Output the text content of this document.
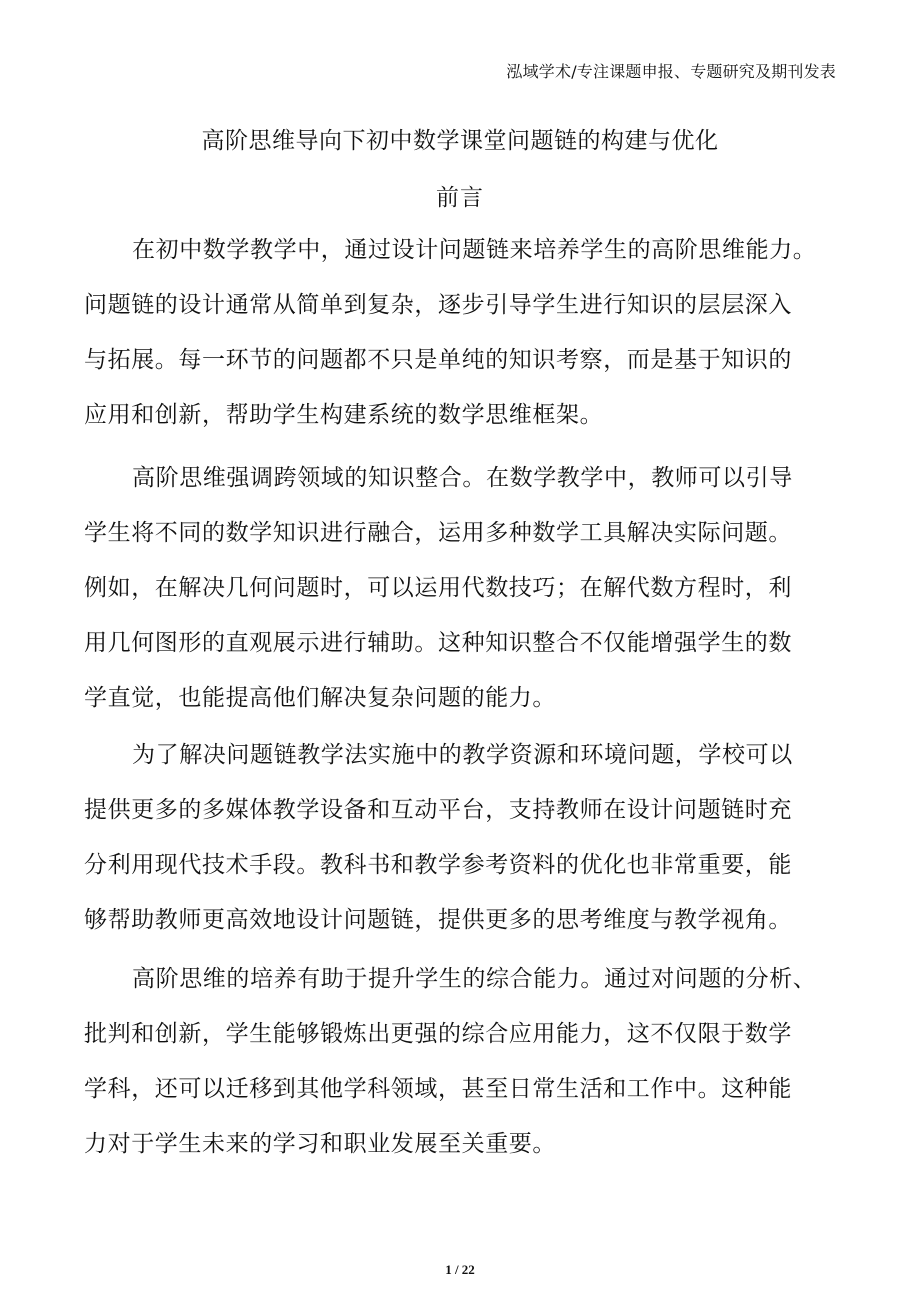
泓域学术/专注课题申报、专题研究及期刊发表
高阶思维导向下初中数学课堂问题链的构建与优化
前言
在初中数学教学中，通过设计问题链来培养学生的高阶思维能力。
问题链的设计通常从简单到复杂，逐步引导学生进行知识的层层深入
与拓展。每一环节的问题都不只是单纯的知识考察，而是基于知识的
应用和创新，帮助学生构建系统的数学思维框架。
高阶思维强调跨领域的知识整合。在数学教学中，教师可以引导
学生将不同的数学知识进行融合，运用多种数学工具解决实际问题。
例如，在解决几何问题时，可以运用代数技巧；在解代数方程时，利
用几何图形的直观展示进行辅助。这种知识整合不仅能增强学生的数
学直觉，也能提高他们解决复杂问题的能力。
为了解决问题链教学法实施中的教学资源和环境问题，学校可以
提供更多的多媒体教学设备和互动平台，支持教师在设计问题链时充
分利用现代技术手段。教科书和教学参考资料的优化也非常重要，能
够帮助教师更高效地设计问题链，提供更多的思考维度与教学视角。
高阶思维的培养有助于提升学生的综合能力。通过对问题的分析、
批判和创新，学生能够锻炼出更强的综合应用能力，这不仅限于数学
学科，还可以迁移到其他学科领域，甚至日常生活和工作中。这种能
力对于学生未来的学习和职业发展至关重要。
1 / 22
